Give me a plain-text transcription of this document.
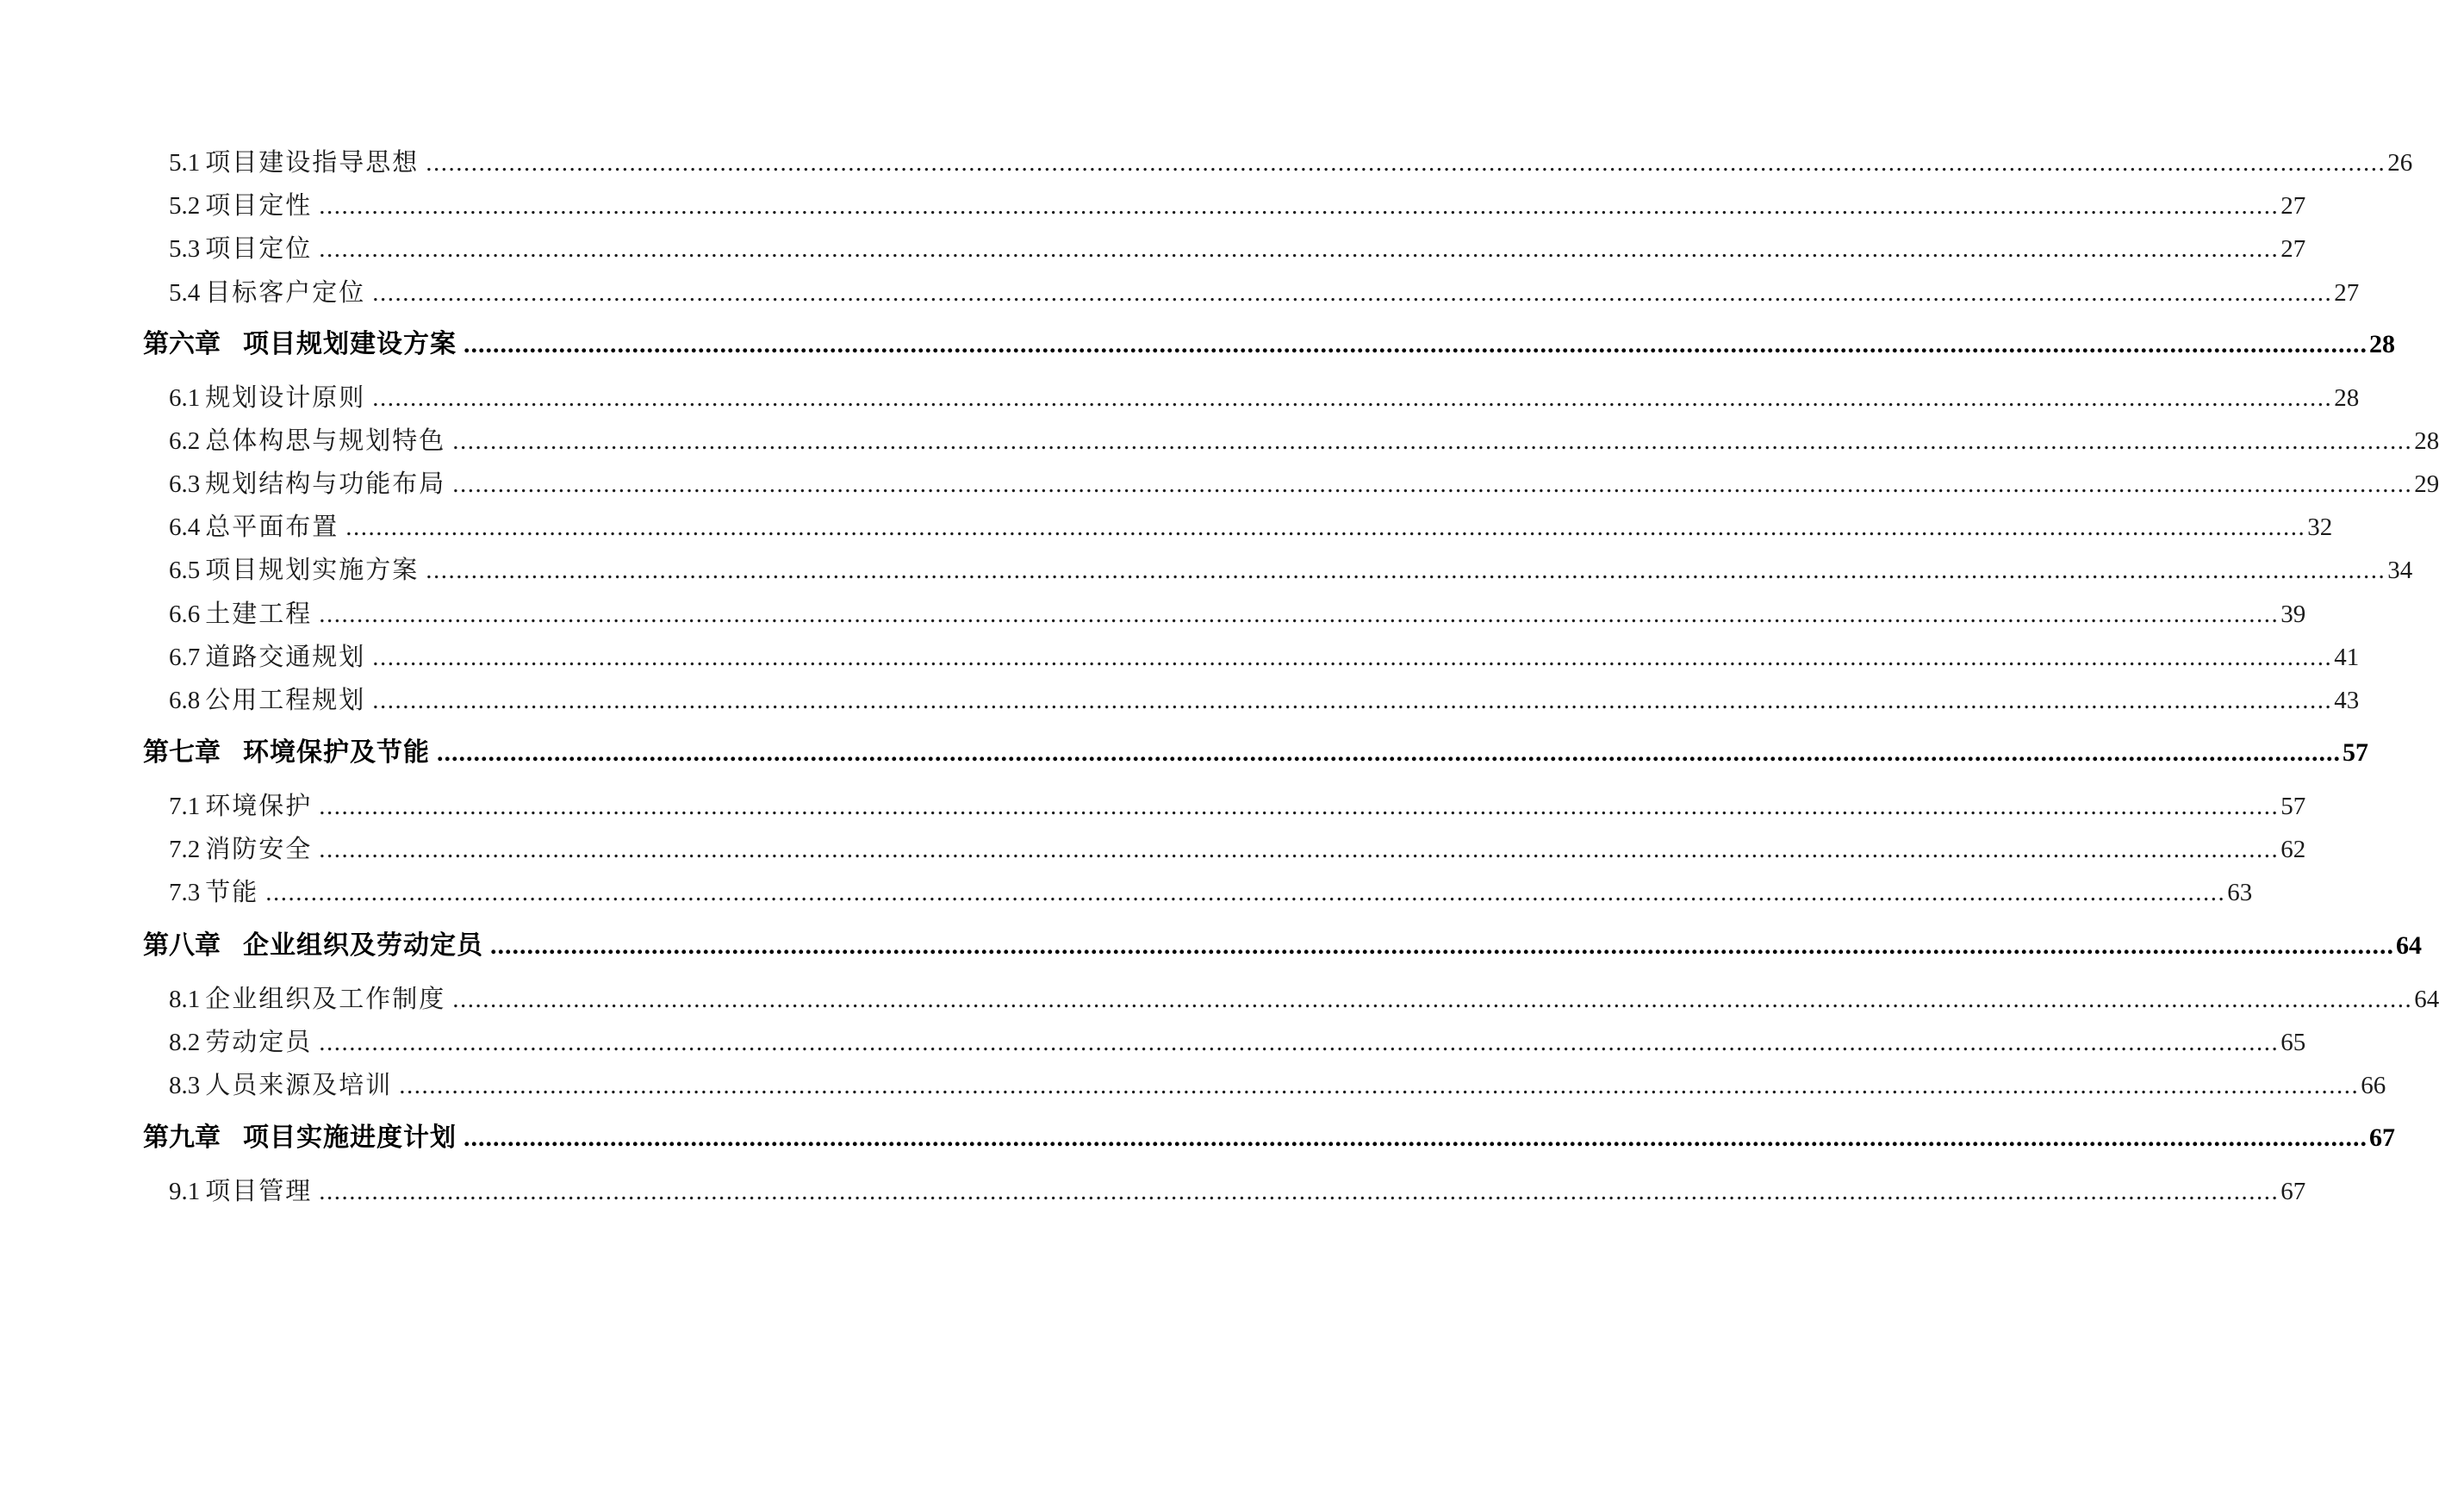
5.1 项目建设指导思想 .................................................................................................................................................................................................................................................................... 26
5.2 项目定性 .................................................................................................................................................................................................................................................................... 27
5.3 项目定位 .................................................................................................................................................................................................................................................................... 27
5.4 目标客户定位 .................................................................................................................................................................................................................................................................... 27
第六章 项目规划建设方案 .................................................................................................................................................................................................................................................................... 28
6.1 规划设计原则 .................................................................................................................................................................................................................................................................... 28
6.2 总体构思与规划特色 .................................................................................................................................................................................................................................................................... 28
6.3 规划结构与功能布局 .................................................................................................................................................................................................................................................................... 29
6.4 总平面布置 .................................................................................................................................................................................................................................................................... 32
6.5 项目规划实施方案 .................................................................................................................................................................................................................................................................... 34
6.6 土建工程 .................................................................................................................................................................................................................................................................... 39
6.7 道路交通规划 .................................................................................................................................................................................................................................................................... 41
6.8 公用工程规划 .................................................................................................................................................................................................................................................................... 43
第七章 环境保护及节能 .................................................................................................................................................................................................................................................................... 57
7.1 环境保护 .................................................................................................................................................................................................................................................................... 57
7.2 消防安全 .................................................................................................................................................................................................................................................................... 62
7.3 节能 .................................................................................................................................................................................................................................................................... 63
第八章 企业组织及劳动定员 .................................................................................................................................................................................................................................................................... 64
8.1 企业组织及工作制度 .................................................................................................................................................................................................................................................................... 64
8.2 劳动定员 .................................................................................................................................................................................................................................................................... 65
8.3 人员来源及培训 .................................................................................................................................................................................................................................................................... 66
第九章 项目实施进度计划 .................................................................................................................................................................................................................................................................... 67
9.1 项目管理 .................................................................................................................................................................................................................................................................... 67
